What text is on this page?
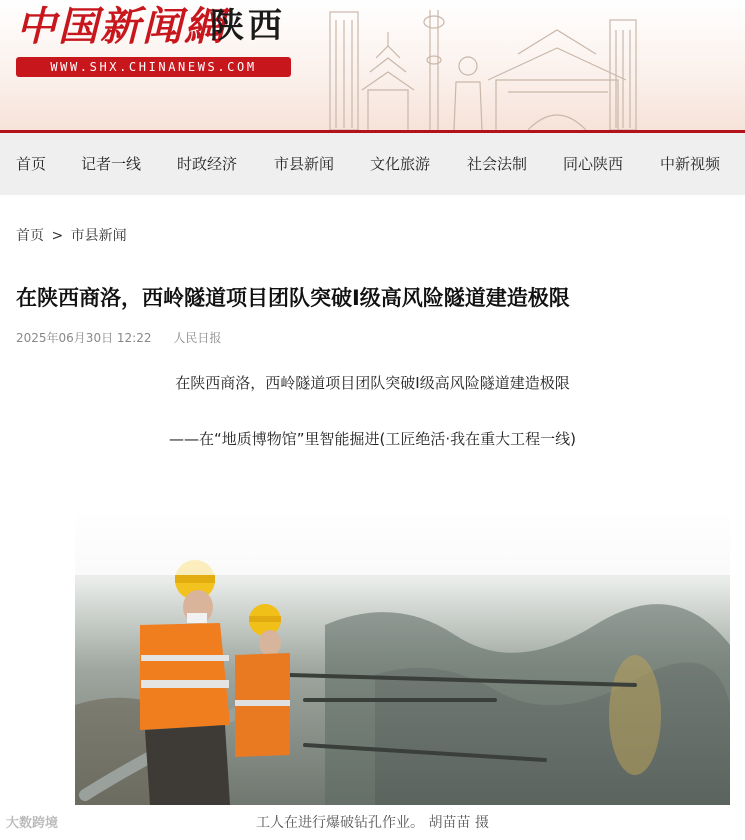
中国新闻網
陕西
WWW.SHX.CHINANEWS.COM
首页 记者一线 时政经济 市县新闻 文化旅游 社会法制 同心陕西 中新视频
首页 > 市县新闻
在陕西商洛，西岭隧道项目团队突破I级高风险隧道建造极限
2025年06月30日 12:22 人民日报

在陕西商洛，西岭隧道项目团队突破Ⅰ级高风险隧道建造极限

——在“地质博物馆”里智能掘进(工匠绝活·我在重大工程一线)

工人在进行爆破钻孔作业。 胡苗苗 摄
大数跨境
